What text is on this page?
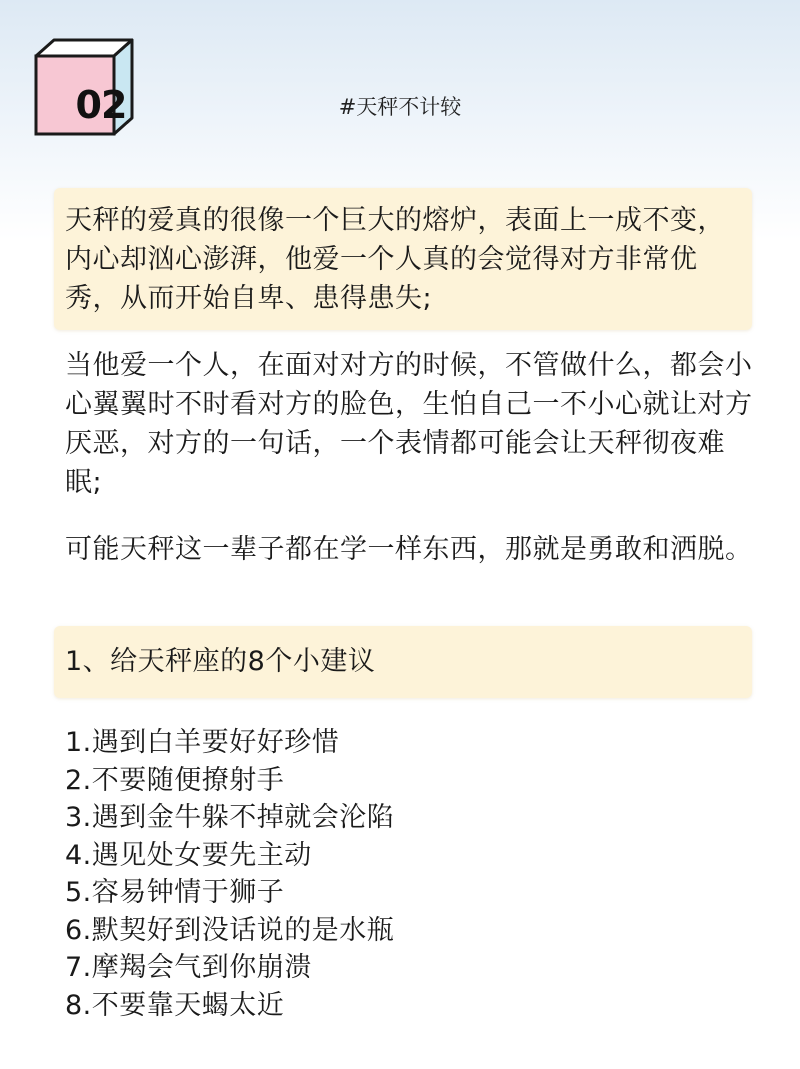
02	#天秤不计较
天秤的爱真的很像一个巨大的熔炉，表面上一成不变，内心却汹心澎湃，他爱一个人真的会觉得对方非常优秀，从而开始自卑、患得患失;
当他爱一个人，在面对对方的时候，不管做什么，都会小心翼翼时不时看对方的脸色，生怕自己一不小心就让对方厌恶，对方的一句话，一个表情都可能会让天秤彻夜难眠;
可能天秤这一辈子都在学一样东西，那就是勇敢和洒脱。
1、给天秤座的8个小建议
1.遇到白羊要好好珍惜
2.不要随便撩射手
3.遇到金牛躲不掉就会沦陷
4.遇见处女要先主动
5.容易钟情于狮子
6.默契好到没话说的是水瓶
7.摩羯会气到你崩溃
8.不要靠天蝎太近
